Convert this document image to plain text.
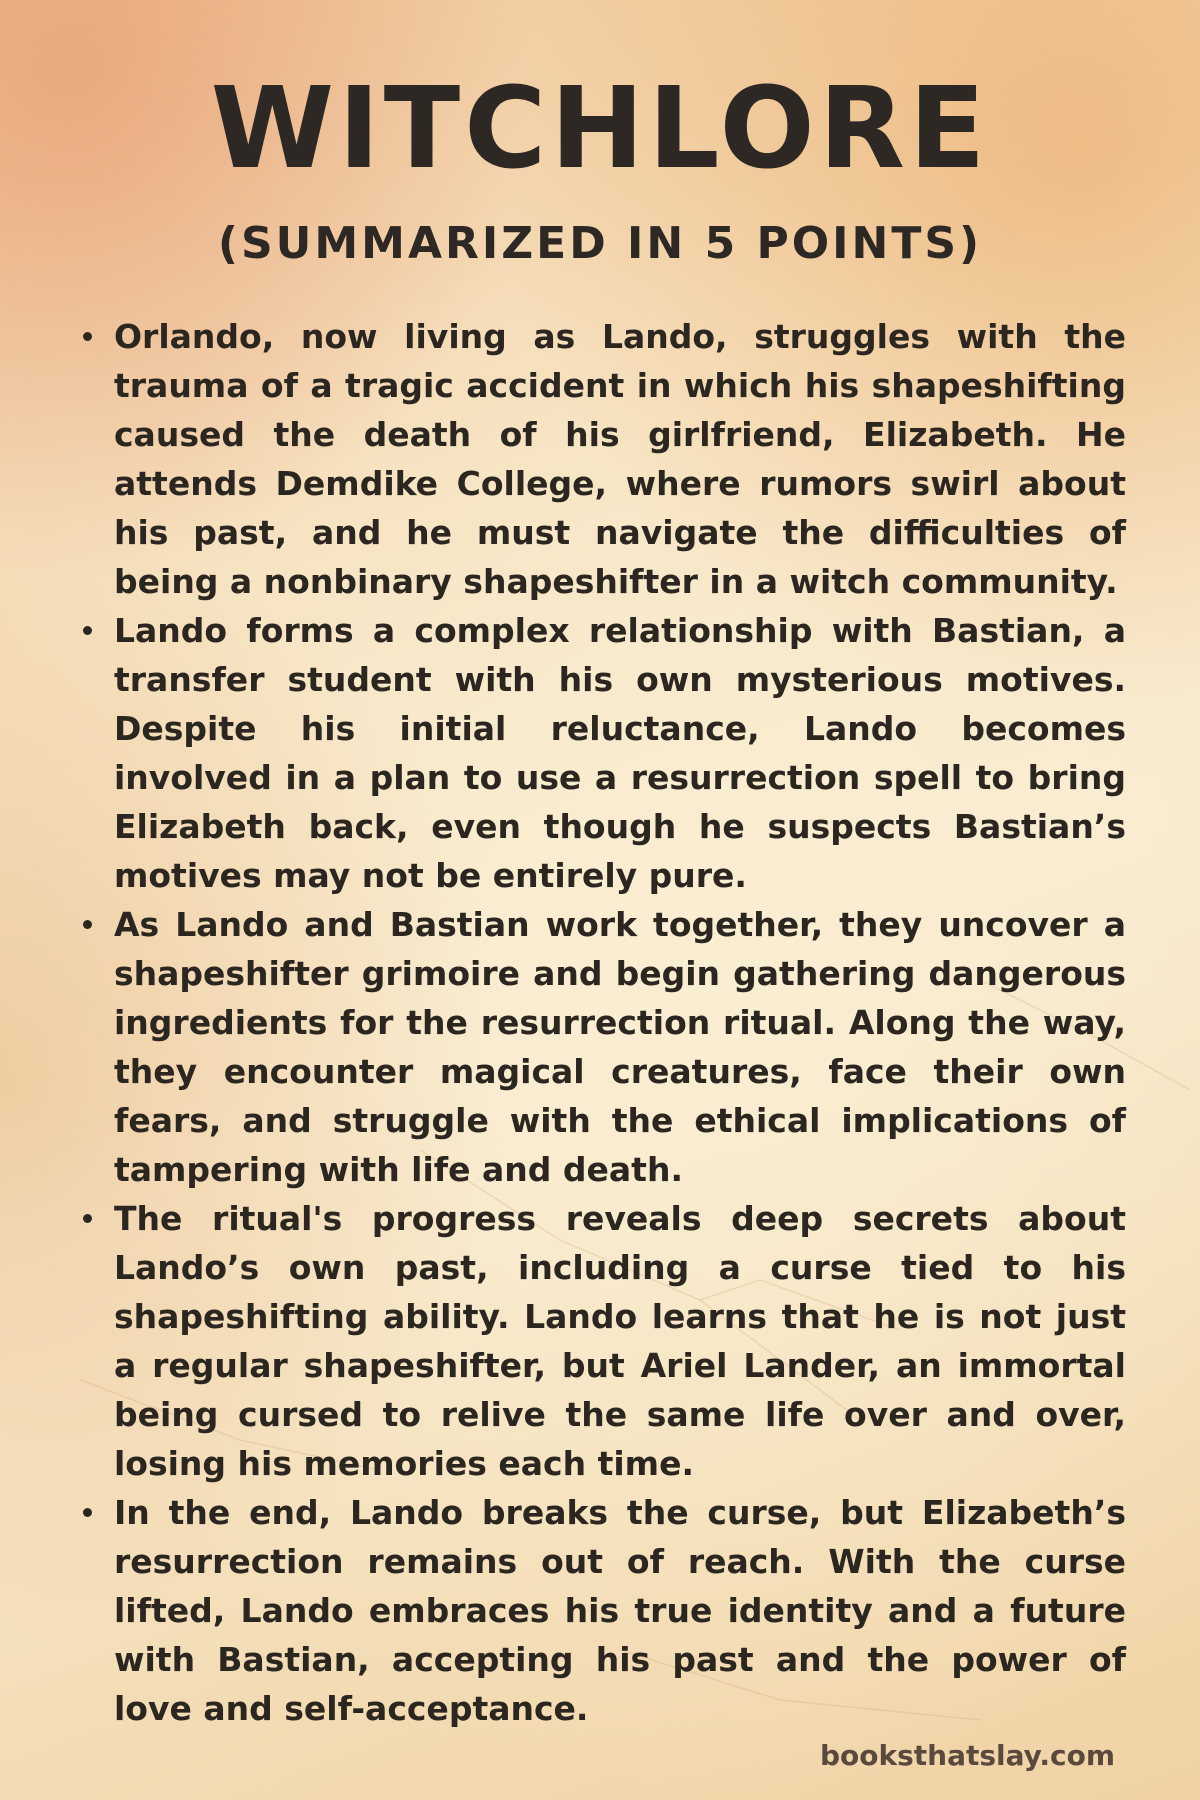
WITCHLORE
(SUMMARIZED IN 5 POINTS)
Orlando, now living as Lando, struggles with the trauma of a tragic accident in which his shapeshifting caused the death of his girlfriend, Elizabeth. He attends Demdike College, where rumors swirl about his past, and he must navigate the difficulties of being a nonbinary shapeshifter in a witch community.
Lando forms a complex relationship with Bastian, a transfer student with his own mysterious motives. Despite his initial reluctance, Lando becomes involved in a plan to use a resurrection spell to bring Elizabeth back, even though he suspects Bastian’s motives may not be entirely pure.
As Lando and Bastian work together, they uncover a shapeshifter grimoire and begin gathering dangerous ingredients for the resurrection ritual. Along the way, they encounter magical creatures, face their own fears, and struggle with the ethical implications of tampering with life and death.
The ritual's progress reveals deep secrets about Lando’s own past, including a curse tied to his shapeshifting ability. Lando learns that he is not just a regular shapeshifter, but Ariel Lander, an immortal being cursed to relive the same life over and over, losing his memories each time.
In the end, Lando breaks the curse, but Elizabeth’s resurrection remains out of reach. With the curse lifted, Lando embraces his true identity and a future with Bastian, accepting his past and the power of love and self-acceptance.
booksthatslay.com
